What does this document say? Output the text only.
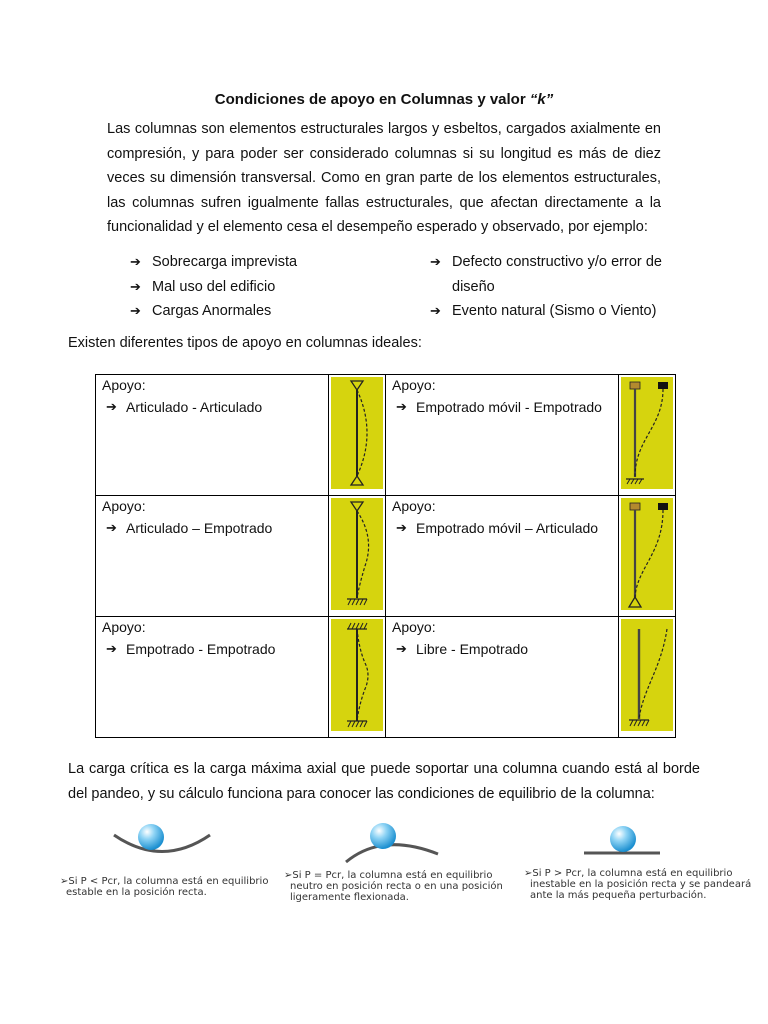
Condiciones de apoyo en Columnas y valor “k”
Las columnas son elementos estructurales largos y esbeltos, cargados axialmente en compresión, y para poder ser considerado columnas si su longitud es más de diez veces su dimensión transversal. Como en gran parte de los elementos estructurales, las columnas sufren igualmente fallas estructurales, que afectan directamente a la funcionalidad y el elemento cesa el desempeño esperado y observado, por ejemplo:
➔ Sobrecarga imprevista
➔ Mal uso del edificio
➔ Cargas Anormales
➔ Defecto constructivo y/o error de diseño
➔ Evento natural (Sismo o Viento)
Existen diferentes tipos de apoyo en columnas ideales:
Apoyo:
➔ Articulado - Articulado		Apoyo:
➔ Empotrado móvil - Empotrado

Apoyo:
➔ Articulado – Empotrado		Apoyo:
➔ Empotrado móvil – Articulado

Apoyo:
➔ Empotrado - Empotrado		Apoyo:
➔ Libre - Empotrado

La carga crítica es la carga máxima axial que puede soportar una columna cuando está al borde del pandeo, y su cálculo funciona para conocer las condiciones de equilibrio de la columna:
➢Si P < Pcr, la columna está en equilibrio
estable en la posición recta.
➢Si P = Pcr, la columna está en equilibrio
neutro en posición recta o en una posición
ligeramente flexionada.
➢Si P > Pcr, la columna está en equilibrio
inestable en la posición recta y se pandeará
ante la más pequeña perturbación.
